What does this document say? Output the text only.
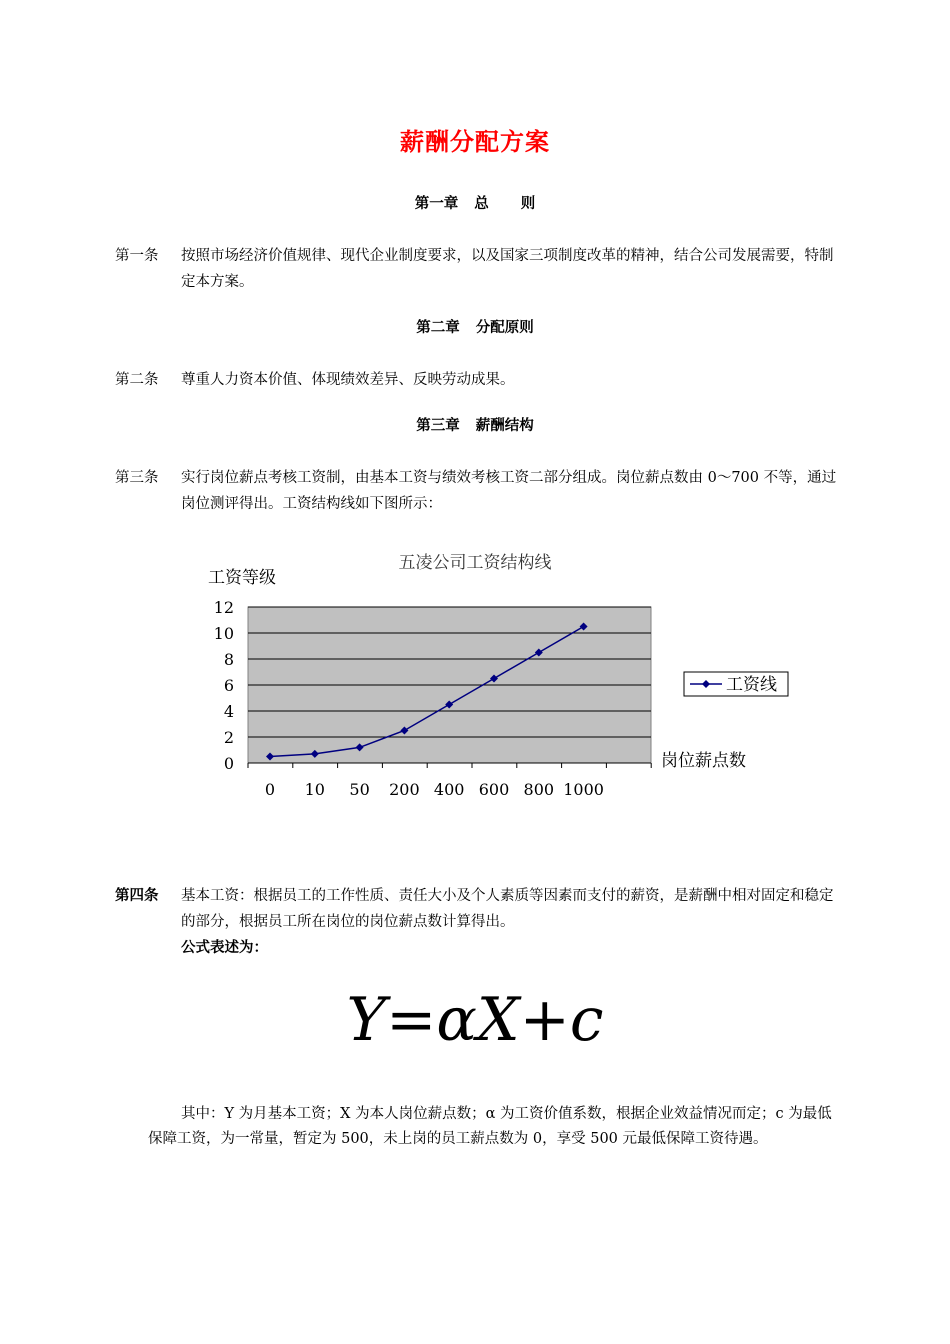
薪酬分配方案
第一章 总 则
第一条	按照市场经济价值规律、现代企业制度要求，以及国家三项制度改革的精神，结合公司发展需要，特制定本方案。
第二章 分配原则
第二条	尊重人力资本价值、体现绩效差异、反映劳动成果。
第三章 薪酬结构
第三条	实行岗位薪点考核工资制，由基本工资与绩效考核工资二部分组成。岗位薪点数由 0～700 不等，通过岗位测评得出。工资结构线如下图所示：
0
2
4
6
8
10
12
0 10 50 200 400 600 800 1000
五凌公司工资结构线
工资等级
岗位薪点数
工资线
第四条	基本工资：根据员工的工作性质、责任大小及个人素质等因素而支付的薪资，是薪酬中相对固定和稳定的部分，根据员工所在岗位的岗位薪点数计算得出。
公式表述为：
Y=αX+c
其中：Y 为月基本工资；X 为本人岗位薪点数；α 为工资价值系数，根据企业效益情况而定；c 为最低保障工资，为一常量，暂定为 500，未上岗的员工薪点数为 0，享受 500 元最低保障工资待遇。
